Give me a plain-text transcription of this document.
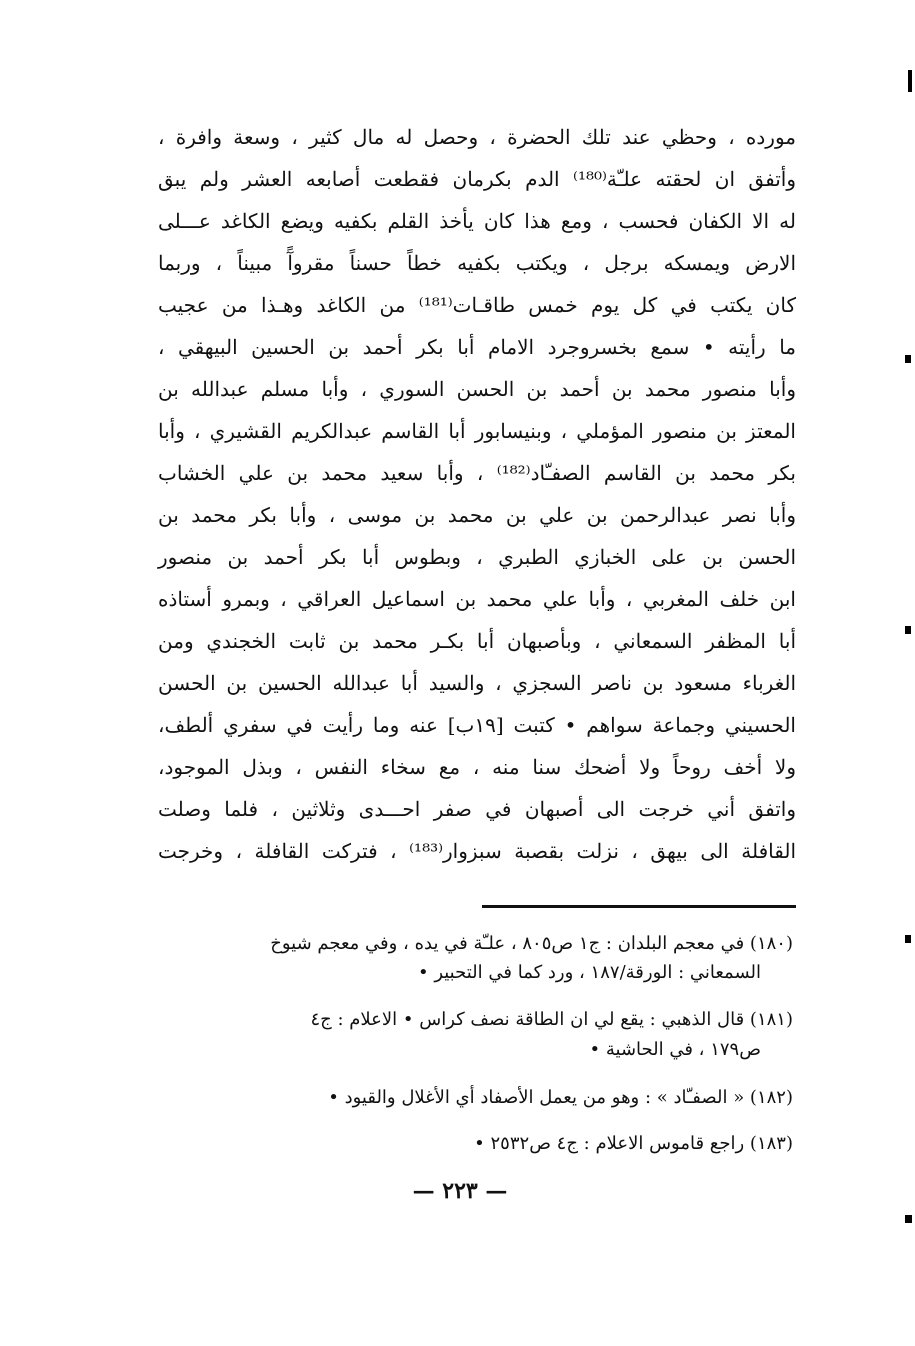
مورده ، وحظي عند تلك الحضرة ، وحصل له مال كثير ، وسعة وافرة ،
وأتفق ان لحقته علـّة⁽¹⁸⁰⁾ الدم بكرمان فقطعت أصابعه العشر ولم يبق
له الا الكفان فحسب ، ومع هذا كان يأخذ القلم بكفيه ويضع الكاغد عـــلى
الارض ويمسكه برجل ، ويكتب بكفيه خطاً حسناً مقروآً مبيناً ، وربما
كان يكتب في كل يوم خمس طاقـات⁽¹⁸¹⁾ من الكاغد وهـذا من عجيب
ما رأيته • سمع بخسروجرد الامام أبا بكر أحمد بن الحسين البيهقي ،
وأبا منصور محمد بن أحمد بن الحسن السوري ، وأبا مسلم عبدالله بن
المعتز بن منصور المؤملي ، وبنيسابور أبا القاسم عبدالكريم القشيري ، وأبا
بكر محمد بن القاسم الصفـّاد⁽¹⁸²⁾ ، وأبا سعيد محمد بن علي الخشاب
وأبا نصر عبدالرحمن بن علي بن محمد بن موسى ، وأبا بكر محمد بن
الحسن بن على الخبازي الطبري ، وبطوس أبا بكر أحمد بن منصور
ابن خلف المغربي ، وأبا علي محمد بن اسماعيل العراقي ، وبمرو أستاذه
أبا المظفر السمعاني ، وبأصبهان أبا بكـر محمد بن ثابت الخجندي ومن
الغرباء مسعود بن ناصر السجزي ، والسيد أبا عبدالله الحسين بن الحسن
الحسيني وجماعة سواهم • كتبت [١٩ب] عنه وما رأيت في سفري ألطف،
ولا أخف روحاً ولا أضحك سنا منه ، مع سخاء النفس ، وبذل الموجود،
واتفق أني خرجت الى أصبهان في صفر احـــدى وثلاثين ، فلما وصلت
القافلة الى بيهق ، نزلت بقصبة سبزوار⁽¹⁸³⁾ ، فتركت القافلة ، وخرجت
(١٨٠) في معجم البلدان : ج١ ص٨٠٥ ، علـّة في يده ، وفي معجم شيوخ
السمعاني : الورقة/١٨٧ ، ورد كما في التحبير •
(١٨١) قال الذهبي : يقع لي ان الطاقة نصف كراس • الاعلام : ج٤
ص١٧٩ ، في الحاشية •
(١٨٢) « الصفـّاد » : وهو من يعمل الأصفاد أي الأغلال والقيود •
(١٨٣) راجع قاموس الاعلام : ج٤ ص٢٥٣٢ •
— ٢٢٣ —
